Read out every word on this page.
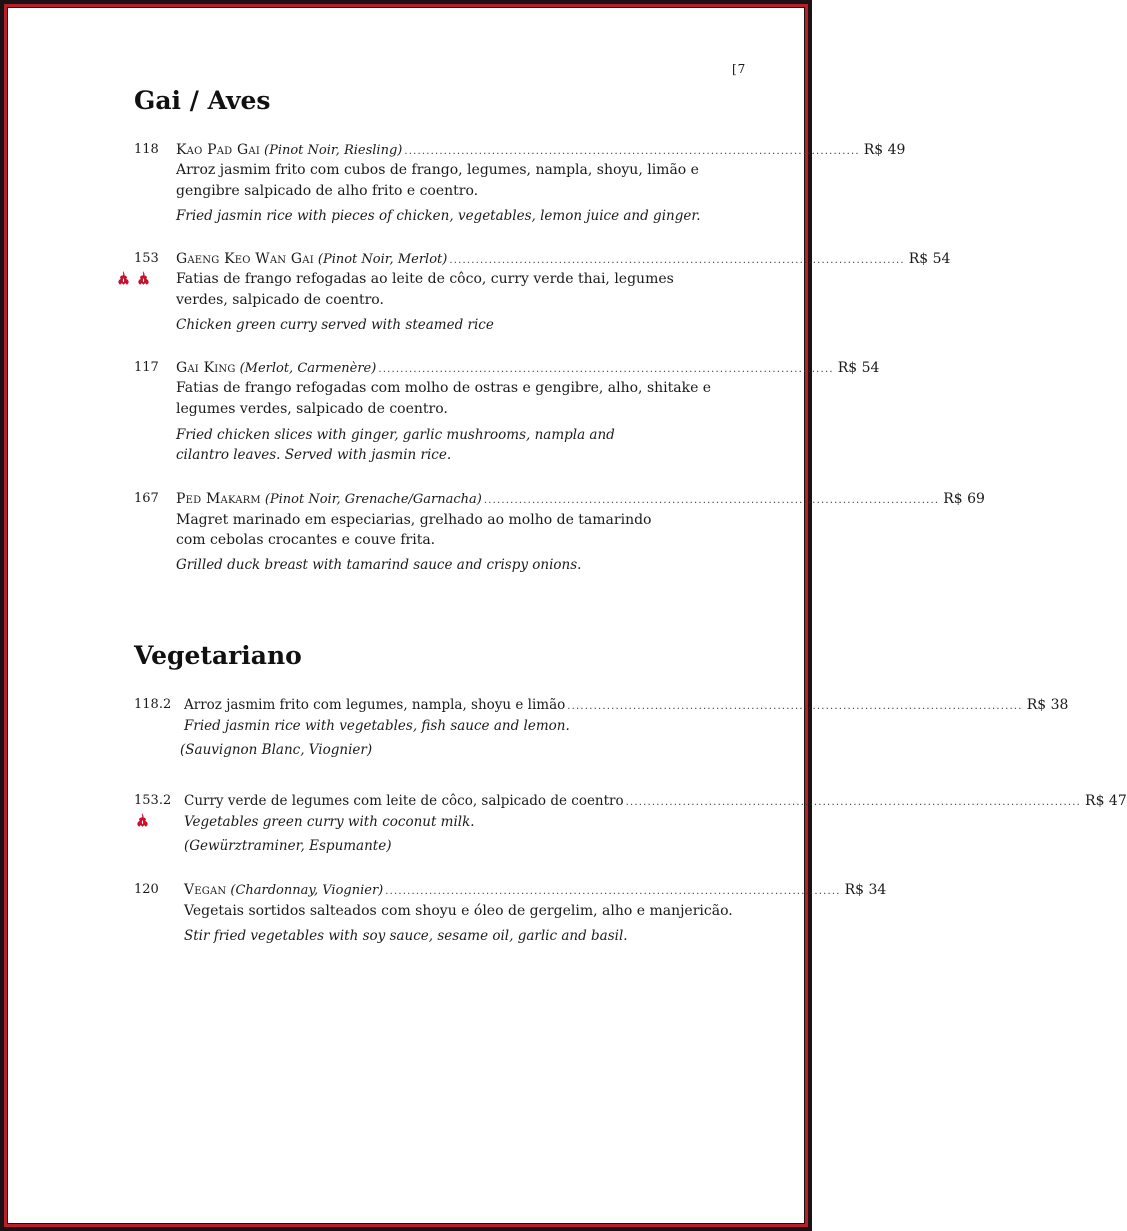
[7
Gai / Aves
118 Kao Pad Gai (Pinot Noir, Riesling) ........................................................................................................ R$ 49
Arroz jasmim frito com cubos de frango, legumes, nampla, shoyu, limão e
gengibre salpicado de alho frito e coentro.
Fried jasmin rice with pieces of chicken, vegetables, lemon juice and ginger.
153 Gaeng Keo Wan Gai (Pinot Noir, Merlot) ........................................................................................................ R$ 54
Fatias de frango refogadas ao leite de côco, curry verde thai, legumes
verdes, salpicado de coentro.
Chicken green curry served with steamed rice
117 Gai King (Merlot, Carmenère) ........................................................................................................ R$ 54
Fatias de frango refogadas com molho de ostras e gengibre, alho, shitake e
legumes verdes, salpicado de coentro.
Fried chicken slices with ginger, garlic mushrooms, nampla and
cilantro leaves. Served with jasmin rice.
167 Ped Makarm (Pinot Noir, Grenache/Garnacha) ........................................................................................................ R$ 69
Magret marinado em especiarias, grelhado ao molho de tamarindo
com cebolas crocantes e couve frita.
Grilled duck breast with tamarind sauce and crispy onions.
Vegetariano
118.2 Arroz jasmim frito com legumes, nampla, shoyu e limão ........................................................................................................ R$ 38
Fried jasmin rice with vegetables, fish sauce and lemon.
(Sauvignon Blanc, Viognier)
153.2 Curry verde de legumes com leite de côco, salpicado de coentro ........................................................................................................ R$ 47
Vegetables green curry with coconut milk.
(Gewürztraminer, Espumante)
120 Vegan (Chardonnay, Viognier) ........................................................................................................ R$ 34
Vegetais sortidos salteados com shoyu e óleo de gergelim, alho e manjericão.
Stir fried vegetables with soy sauce, sesame oil, garlic and basil.
